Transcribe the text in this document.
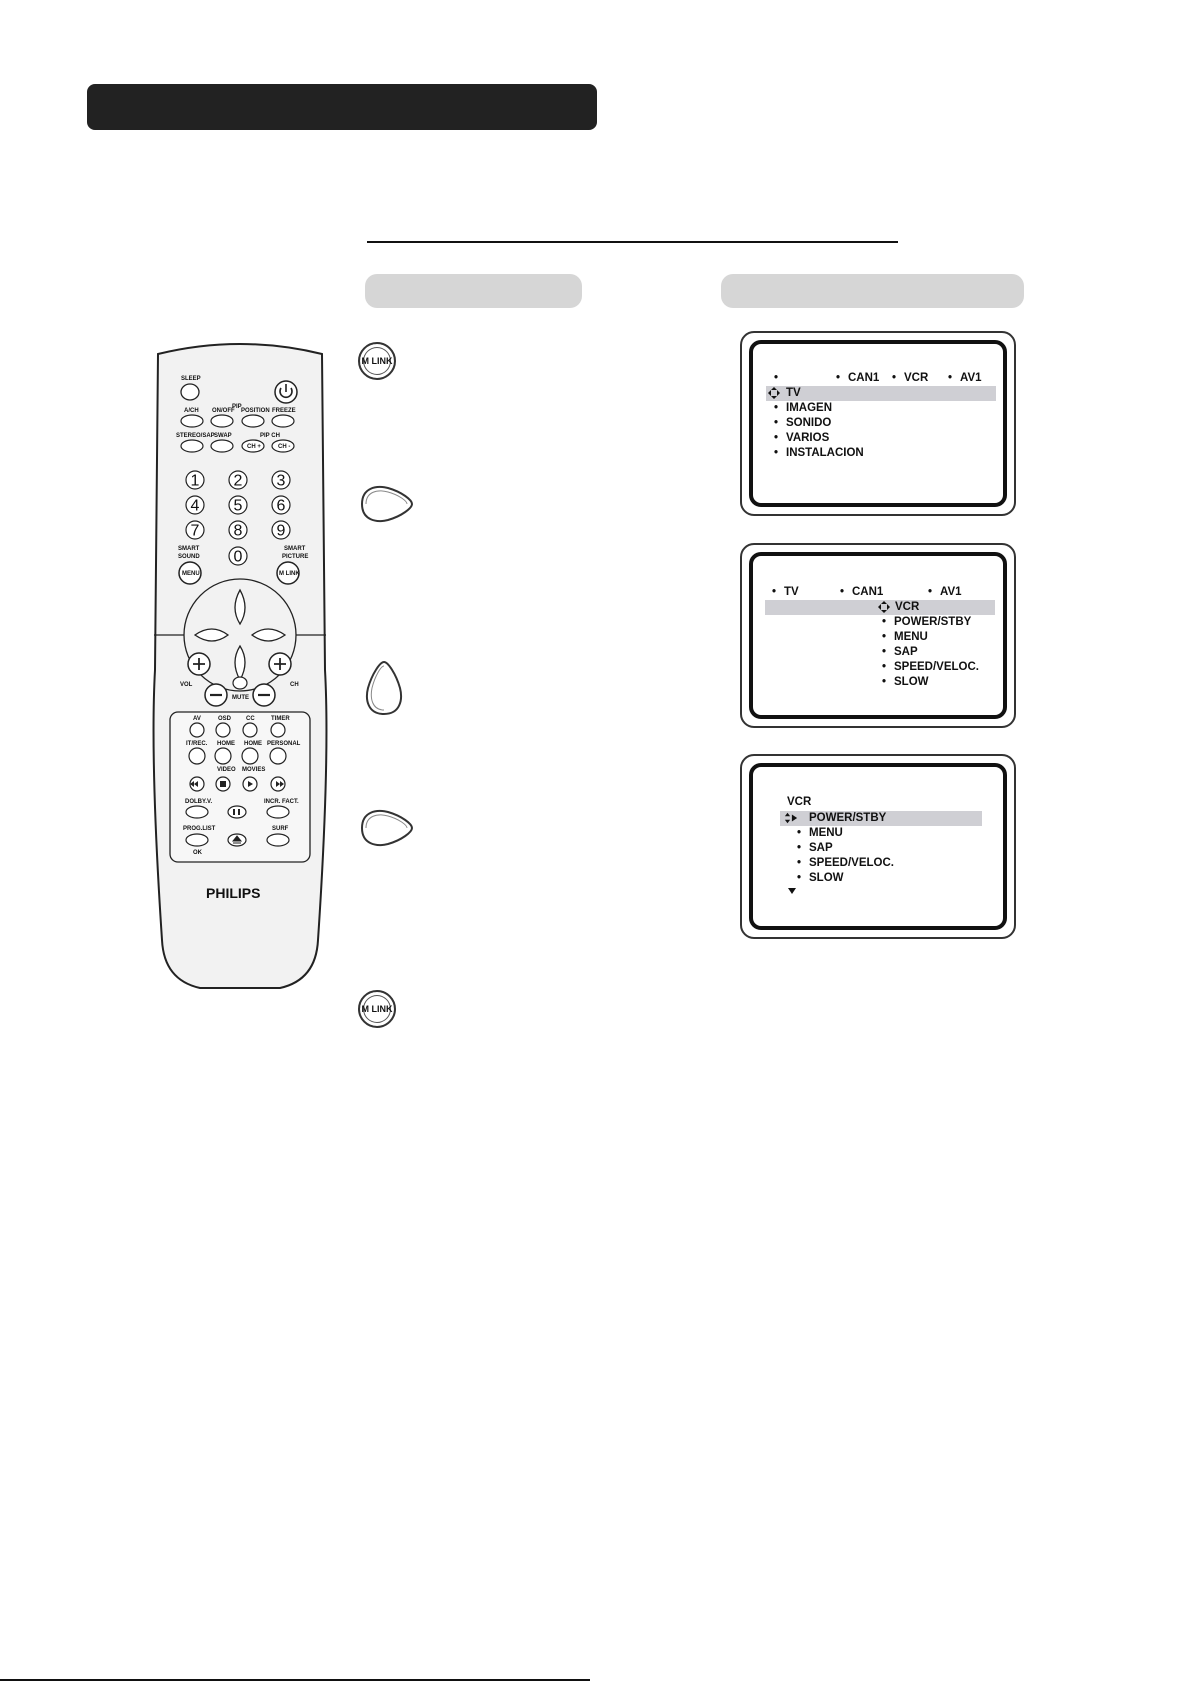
SLEEP
PIP
A/CH ON/OFF POSITION FREEZE
STEREO/SAP SWAP	PIP CH
CH +	CH -
1 2 3
4 5 6
7 8 9
0
SMART	SMART
SOUND	PICTURE
MENU	M LINK
MUTE
VOL	CH
AV	OSD CC	TIMER
IT/REC. HOME HOME PERSONAL
VIDEO MOVIES
DOLBY.V.	INCR. FACT.
PROG.LIST
OK
SURF
PHILIPS
M LINK
M LINK
•	• CAN1 • VCR	• AV1
TV
• IMAGEN
• SONIDO
• VARIOS
• INSTALACION
• TV	• CAN1	• AV1
VCR
• POWER/STBY
• MENU
• SAP
• SPEED/VELOC.
• SLOW
VCR
POWER/STBY
• MENU
• SAP
• SPEED/VELOC.
• SLOW
